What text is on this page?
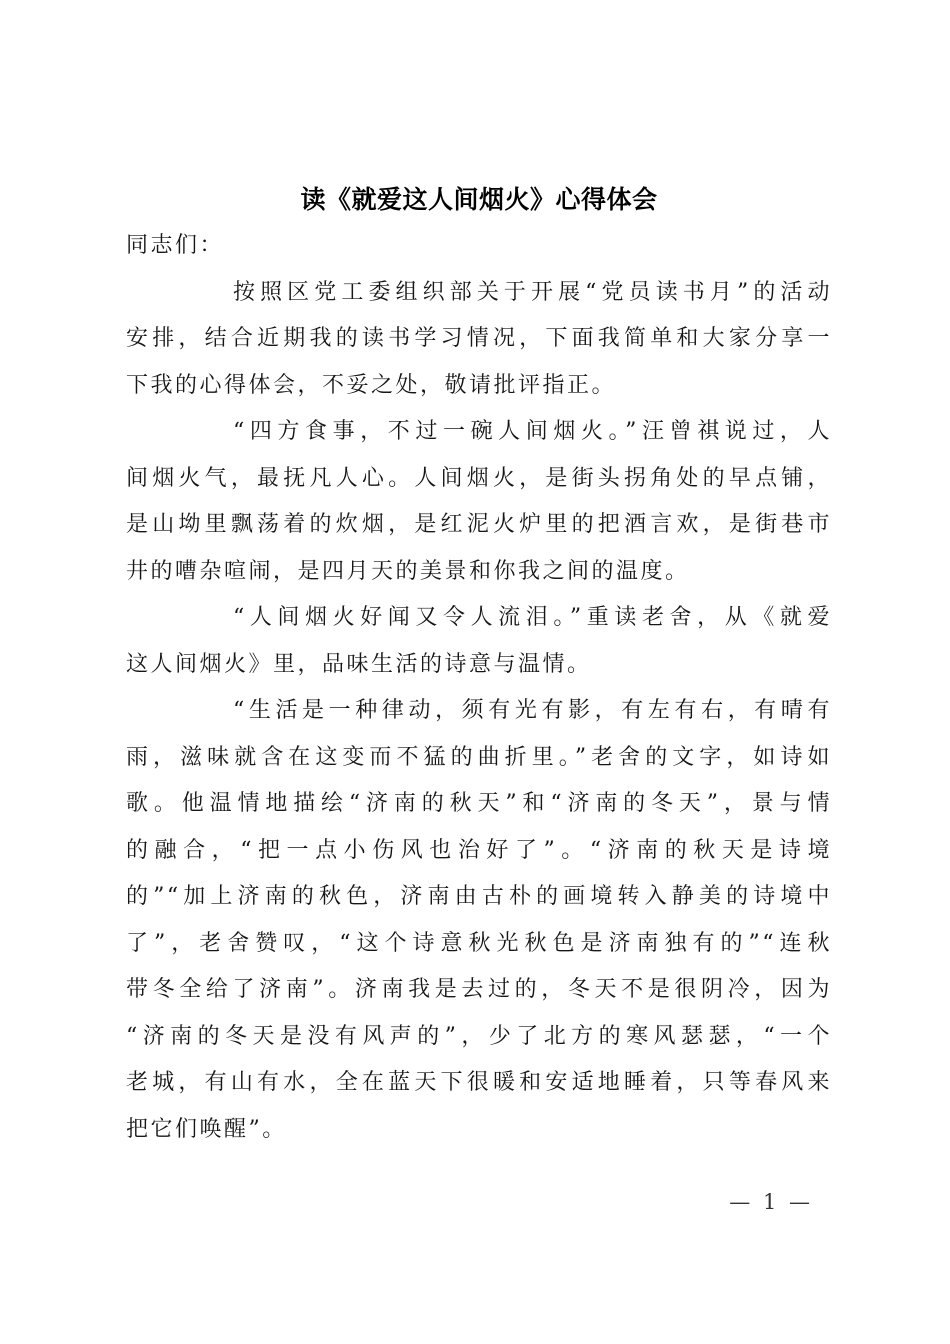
读《就爱这人间烟火》心得体会
同志们：
按照区党工委组织部关于开展“党员读书月”的活动
安排，结合近期我的读书学习情况，下面我简单和大家分享一
下我的心得体会，不妥之处，敬请批评指正。
“四方食事，不过一碗人间烟火。”汪曾祺说过，人
间烟火气，最抚凡人心。人间烟火，是街头拐角处的早点铺，
是山坳里飘荡着的炊烟，是红泥火炉里的把酒言欢，是街巷市
井的嘈杂喧闹，是四月天的美景和你我之间的温度。
“人间烟火好闻又令人流泪。”重读老舍，从《就爱
这人间烟火》里，品味生活的诗意与温情。
“生活是一种律动，须有光有影，有左有右，有晴有
雨，滋味就含在这变而不猛的曲折里。”老舍的文字，如诗如
歌。他温情地描绘“济南的秋天”和“济南的冬天”，景与情
的融合，“把一点小伤风也治好了”。“济南的秋天是诗境
的”“加上济南的秋色，济南由古朴的画境转入静美的诗境中
了”，老舍赞叹，“这个诗意秋光秋色是济南独有的”“连秋
带冬全给了济南”。济南我是去过的，冬天不是很阴冷，因为
“济南的冬天是没有风声的”，少了北方的寒风瑟瑟，“一个
老城，有山有水，全在蓝天下很暖和安适地睡着，只等春风来
把它们唤醒”。
— 1 —
